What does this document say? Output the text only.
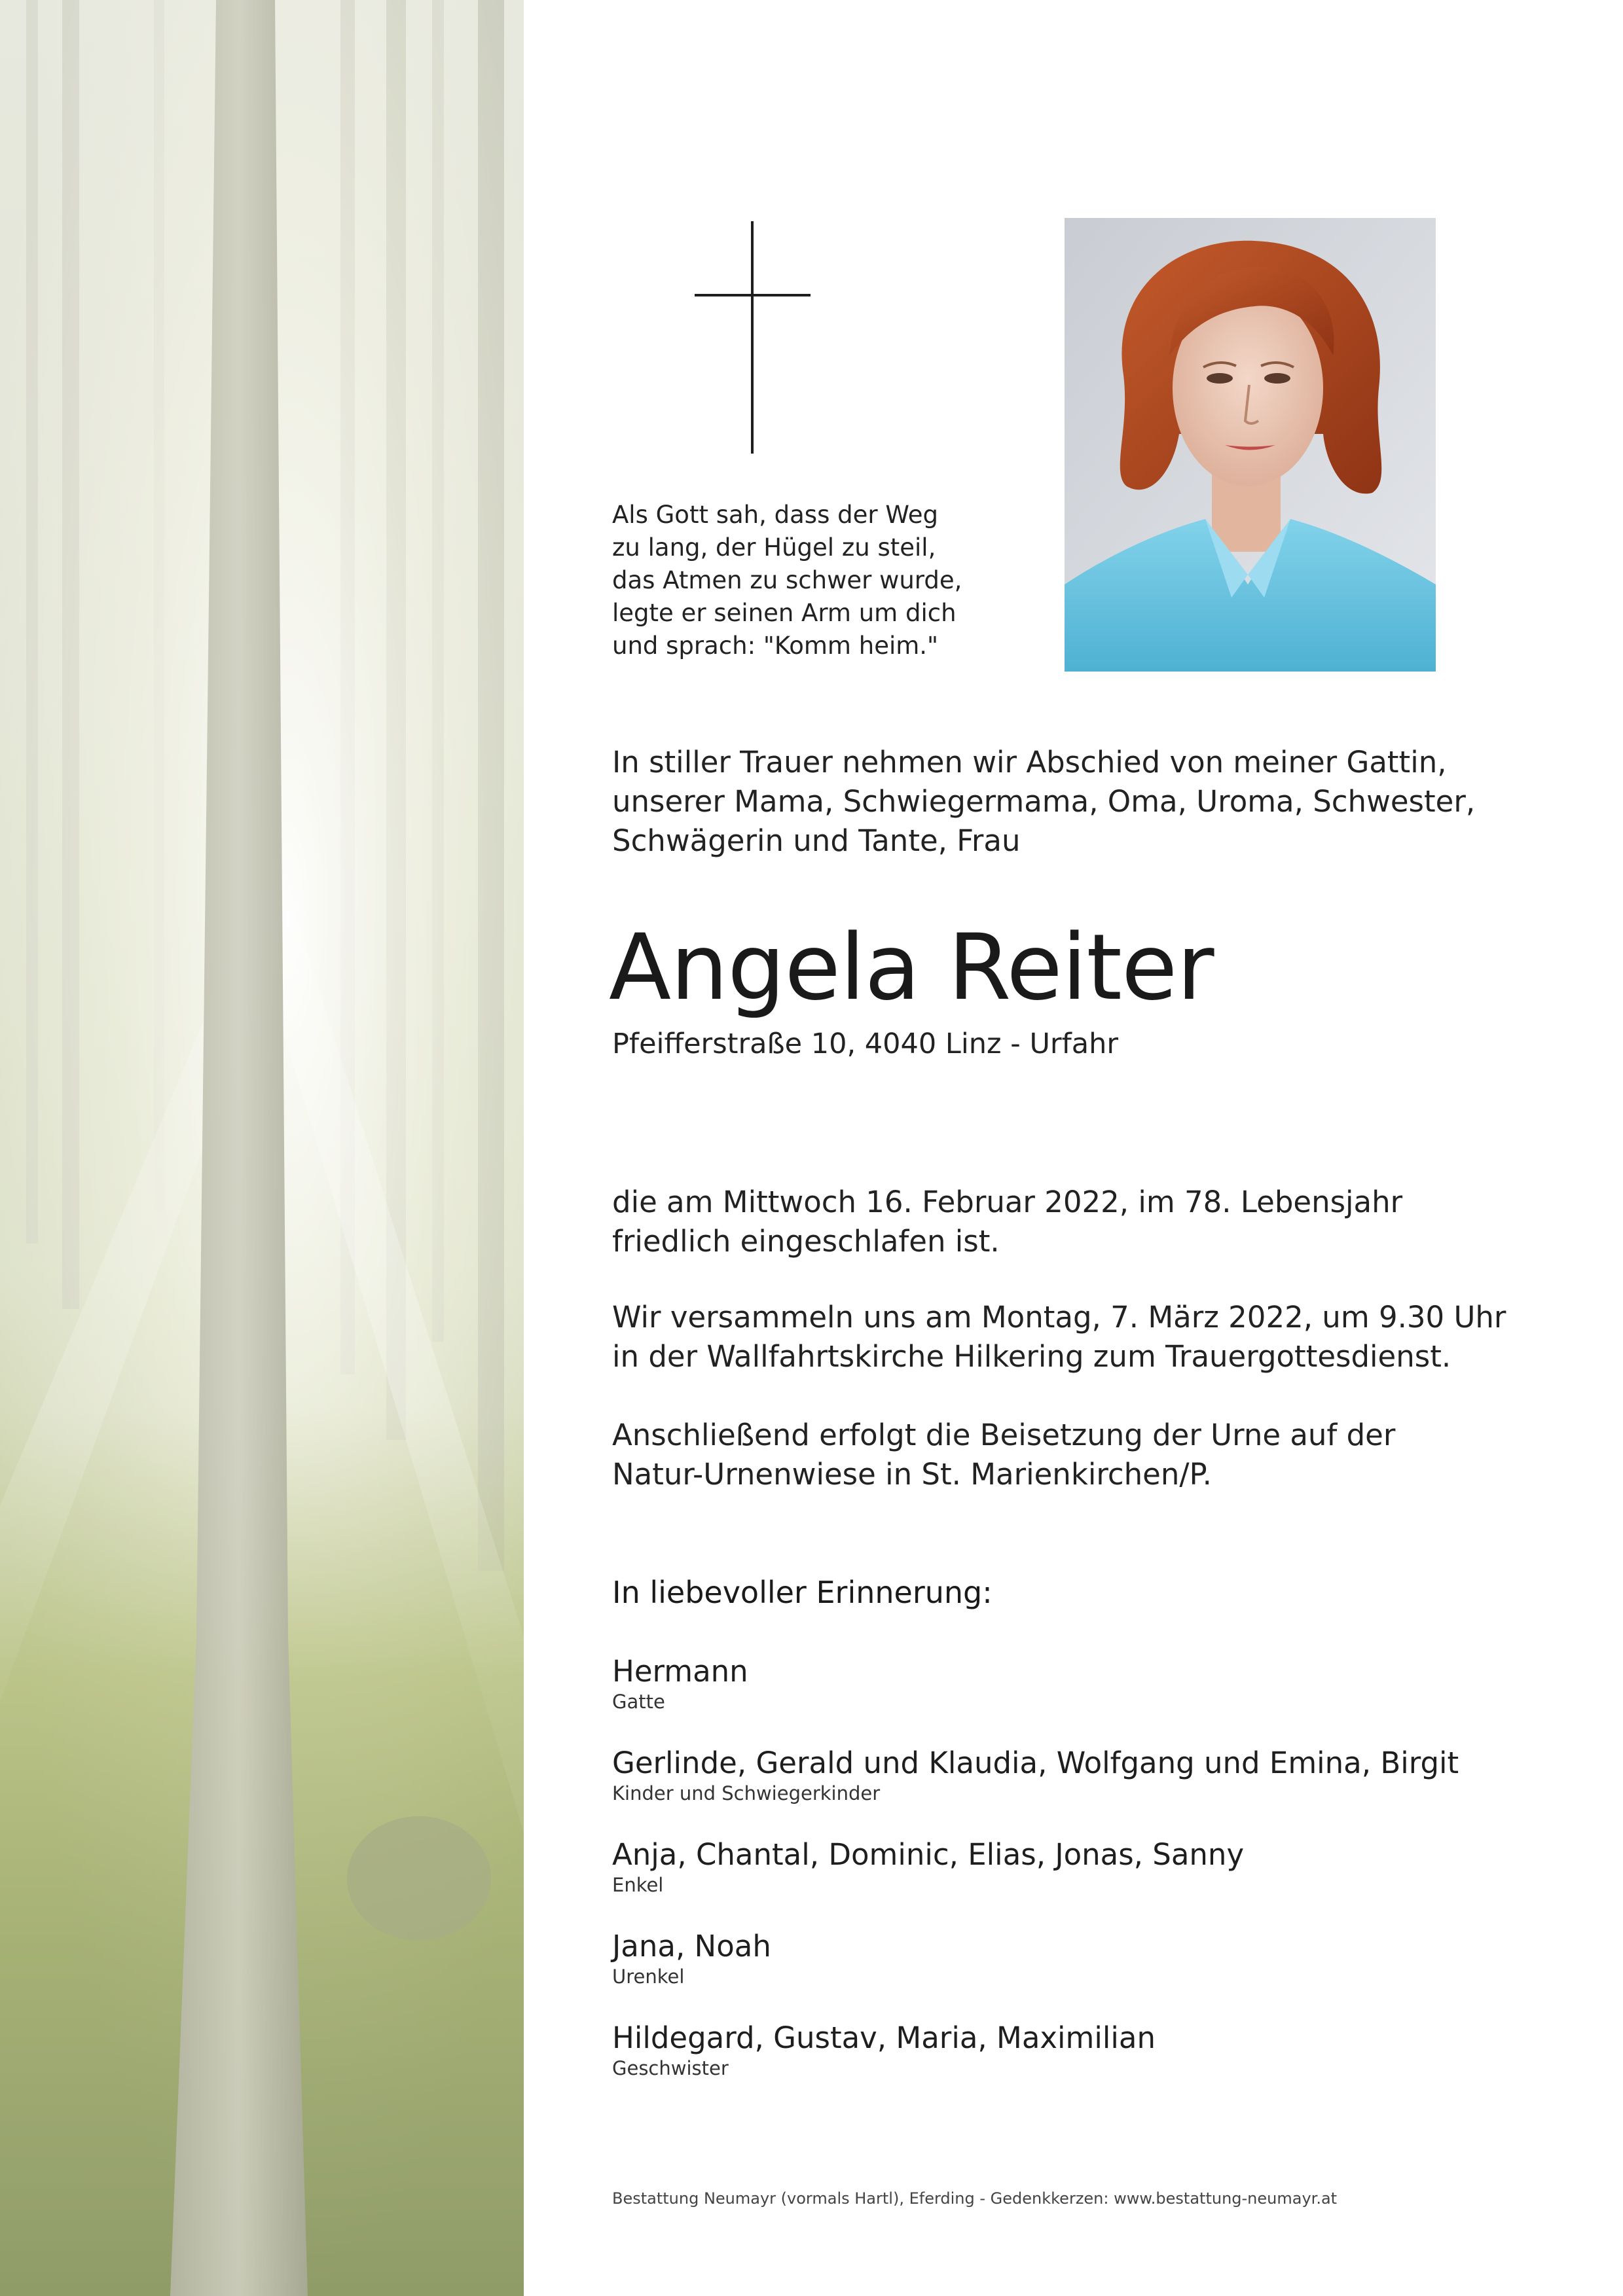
Als Gott sah, dass der Weg
zu lang, der Hügel zu steil,
das Atmen zu schwer wurde,
legte er seinen Arm um dich
und sprach: "Komm heim."
In stiller Trauer nehmen wir Abschied von meiner Gattin,
unserer Mama, Schwiegermama, Oma, Uroma, Schwester,
Schwägerin und Tante, Frau
Angela Reiter
Pfeifferstraße 10, 4040 Linz - Urfahr
die am Mittwoch 16. Februar 2022, im 78. Lebensjahr
friedlich eingeschlafen ist.
Wir versammeln uns am Montag, 7. März 2022, um 9.30 Uhr
in der Wallfahrtskirche Hilkering zum Trauergottesdienst.
Anschließend erfolgt die Beisetzung der Urne auf der
Natur-Urnenwiese in St. Marienkirchen/P.
In liebevoller Erinnerung:
Hermann
Gatte
Gerlinde, Gerald und Klaudia, Wolfgang und Emina, Birgit
Kinder und Schwiegerkinder
Anja, Chantal, Dominic, Elias, Jonas, Sanny
Enkel
Jana, Noah
Urenkel
Hildegard, Gustav, Maria, Maximilian
Geschwister
Bestattung Neumayr (vormals Hartl), Eferding - Gedenkkerzen: www.bestattung-neumayr.at
